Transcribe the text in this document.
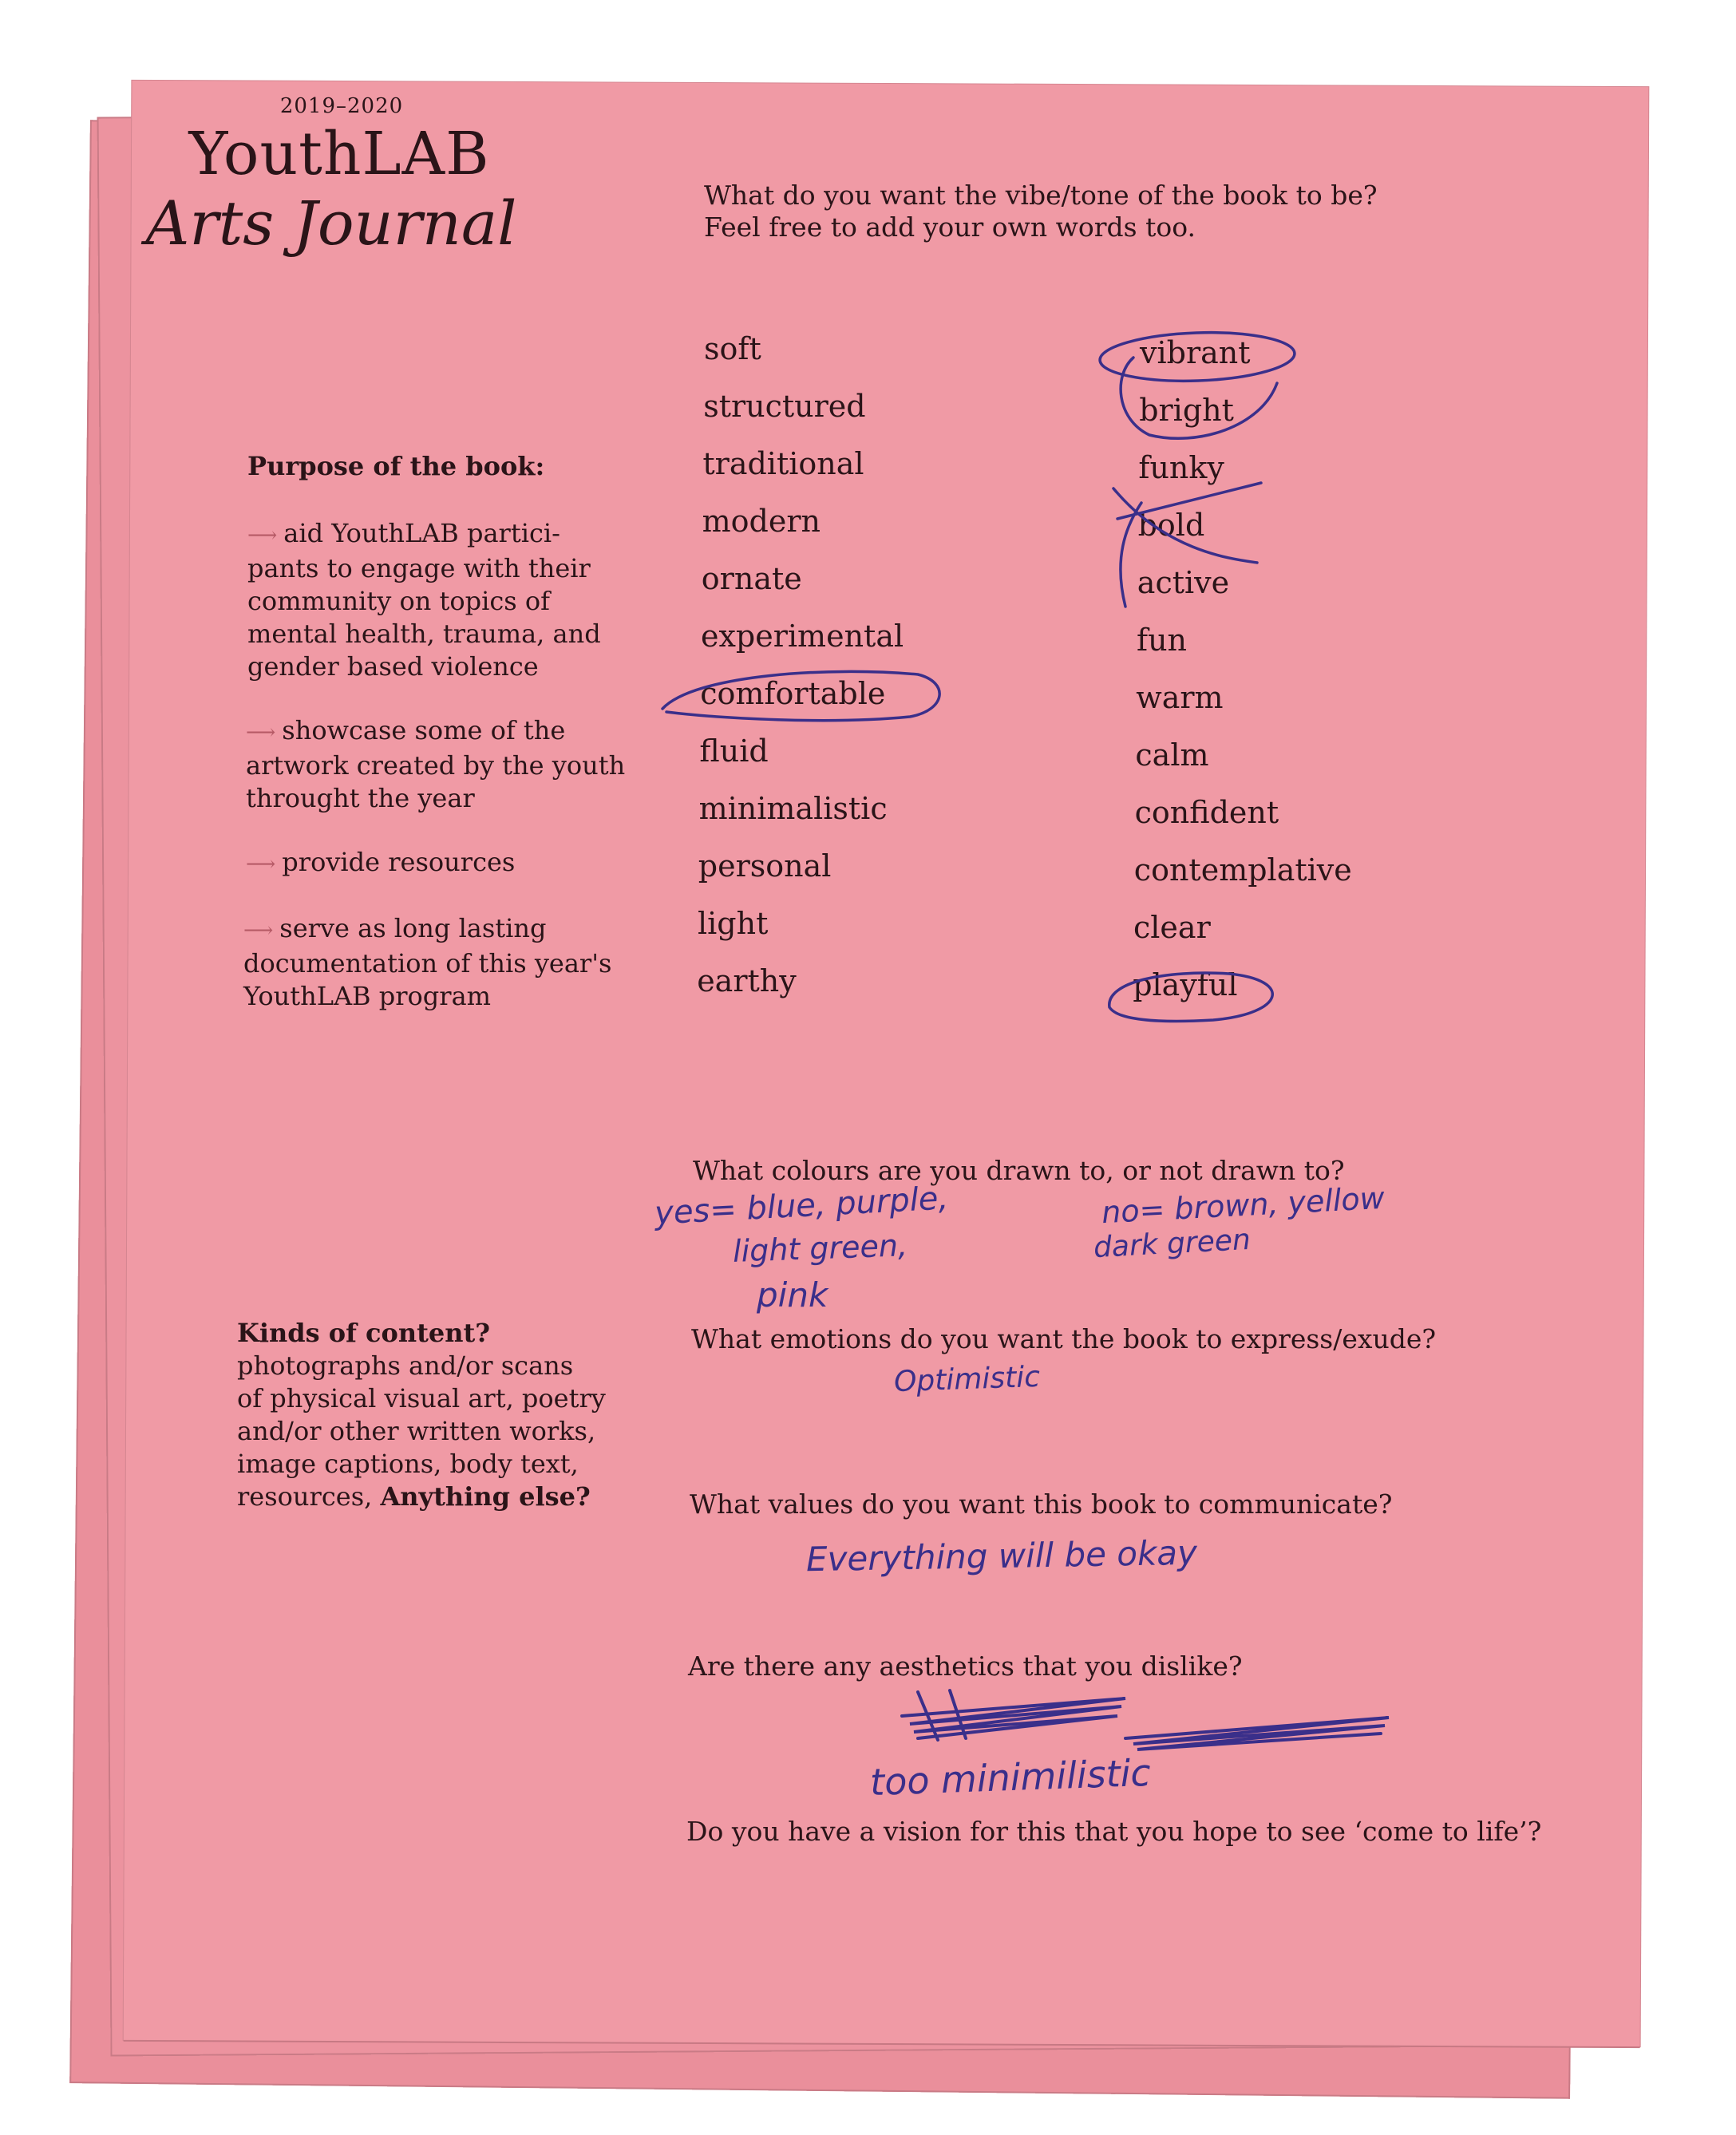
2019–2020
YouthLAB
Arts Journal
Purpose of the book:
⟶ aid YouthLAB partici-
pants to engage with their
community on topics of
mental health, trauma, and
gender based violence
⟶ showcase some of the
artwork created by the youth
throught the year
⟶ provide resources
⟶ serve as long lasting
documentation of this year's
YouthLAB program
Kinds of content?
photographs and/or scans
of physical visual art, poetry
and/or other written works,
image captions, body text,
resources, Anything else?
What do you want the vibe/tone of the book to be?
Feel free to add your own words too.
soft
structured
traditional
modern
ornate
experimental
comfortable
fluid
minimalistic
personal
light
earthy
vibrant
bright
funky
bold
active
fun
warm
calm
confident
contemplative
clear
playful
What colours are you drawn to, or not drawn to?
What emotions do you want the book to express/exude?
What values do you want this book to communicate?
Are there any aesthetics that you dislike?
Do you have a vision for this that you hope to see ‘come to life’?
yes= blue, purple,
light green,
pink
no= brown, yellow
dark green
Optimistic
Everything will be okay
too minimilistic
